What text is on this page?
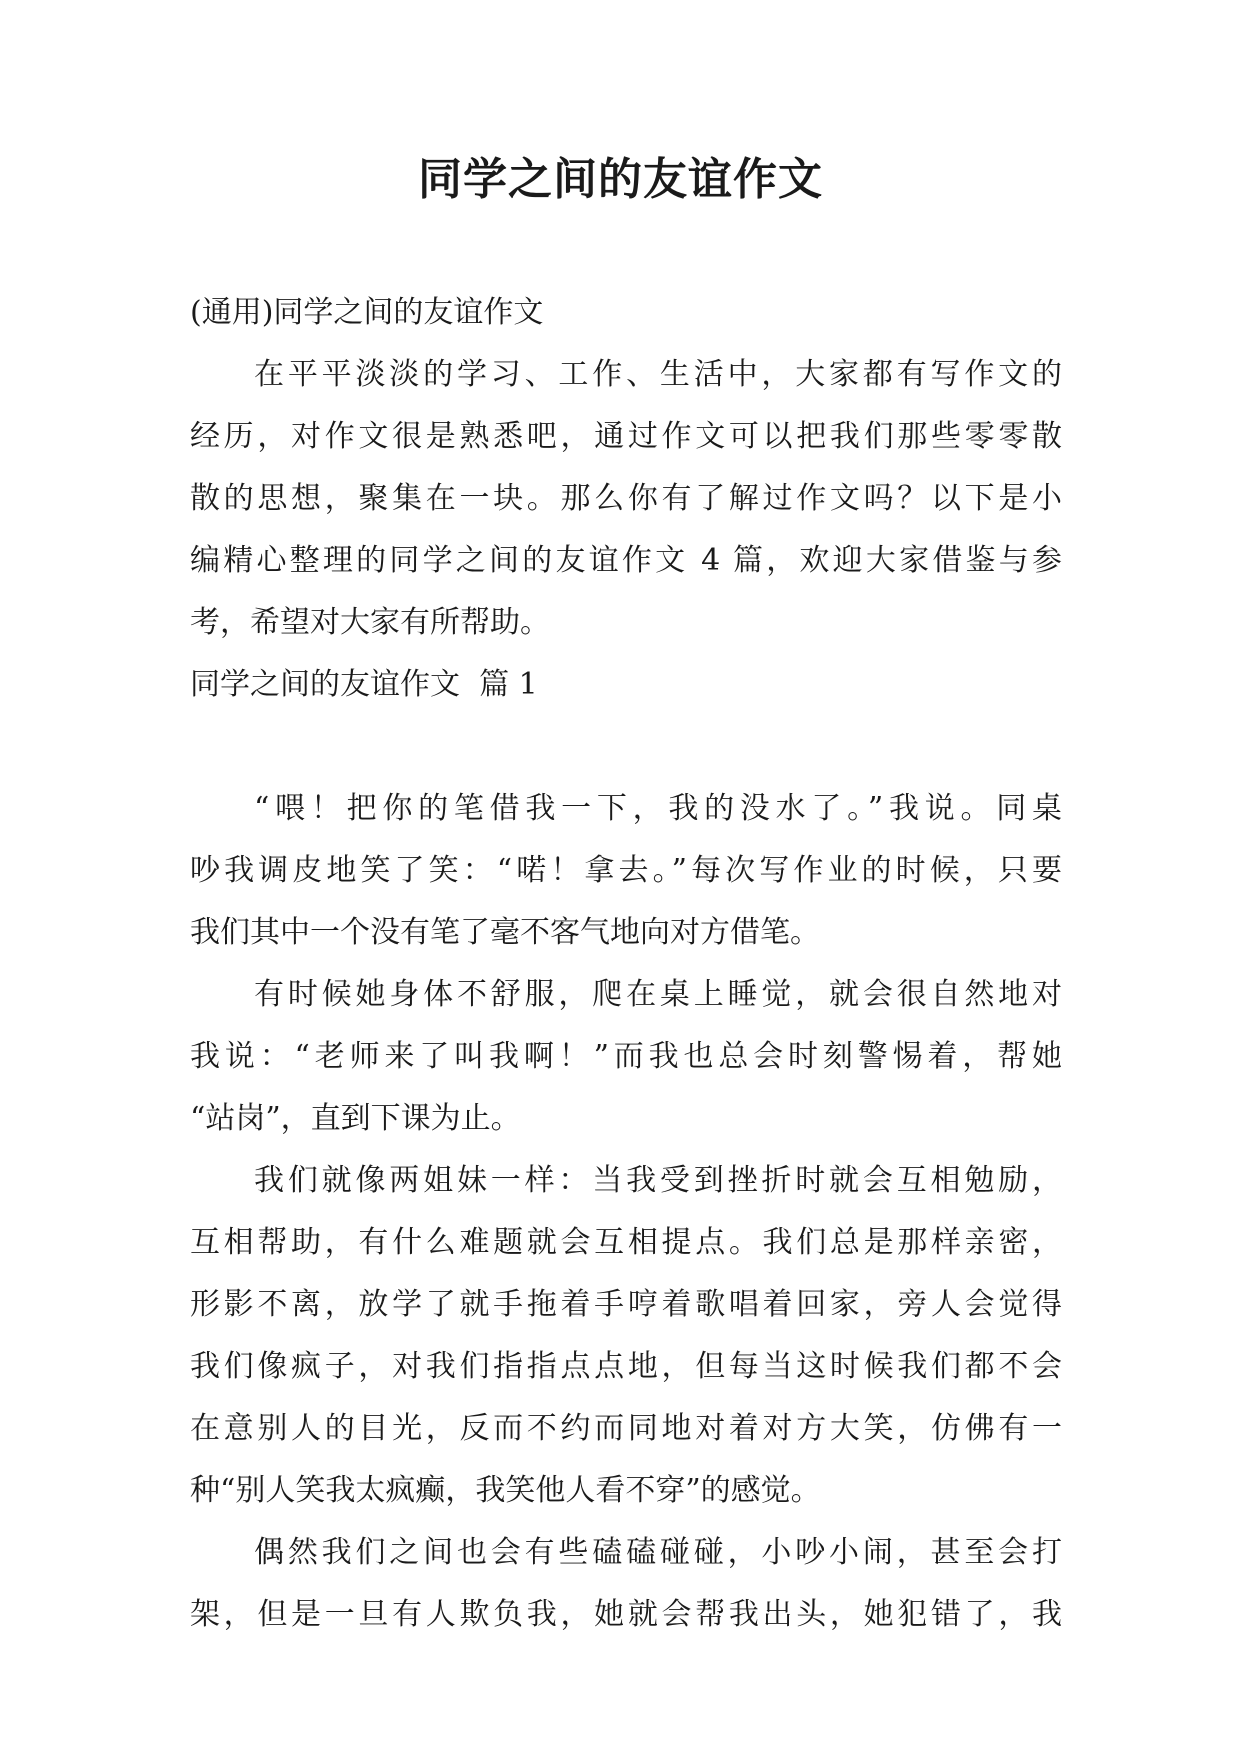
同学之间的友谊作文
(通用)同学之间的友谊作文
在平平淡淡的学习、工作、生活中，大家都有写作文的
经历，对作文很是熟悉吧，通过作文可以把我们那些零零散
散的思想，聚集在一块。那么你有了解过作文吗？以下是小
编精心整理的同学之间的友谊作文 4 篇，欢迎大家借鉴与参
考，希望对大家有所帮助。
同学之间的友谊作文  篇 1
“喂！把你的笔借我一下，我的没水了。”我说。同桌
吵我调皮地笑了笑：“喏！拿去。”每次写作业的时候，只要
我们其中一个没有笔了毫不客气地向对方借笔。
有时候她身体不舒服，爬在桌上睡觉，就会很自然地对
我说：“老师来了叫我啊！”而我也总会时刻警惕着，帮她
“站岗”，直到下课为止。
我们就像两姐妹一样：当我受到挫折时就会互相勉励，
互相帮助，有什么难题就会互相提点。我们总是那样亲密，
形影不离，放学了就手拖着手哼着歌唱着回家，旁人会觉得
我们像疯子，对我们指指点点地，但每当这时候我们都不会
在意别人的目光，反而不约而同地对着对方大笑，仿佛有一
种“别人笑我太疯癫，我笑他人看不穿”的感觉。
偶然我们之间也会有些磕磕碰碰，小吵小闹，甚至会打
架，但是一旦有人欺负我，她就会帮我出头，她犯错了，我
